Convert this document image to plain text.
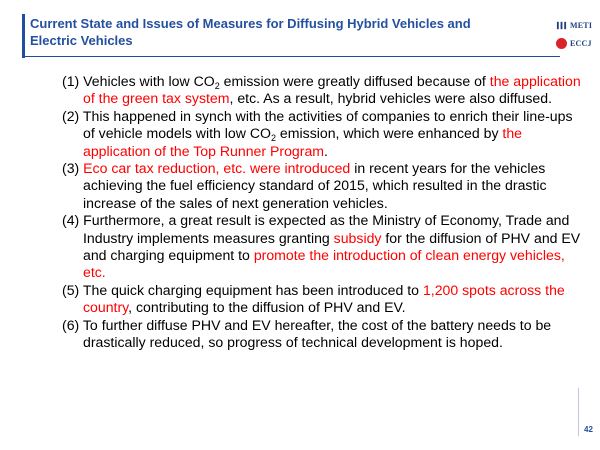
Current State and Issues of Measures for Diffusing Hybrid Vehicles and Electric Vehicles
METI
ECCJ

(1) Vehicles with low $CO_2$ emission were greatly diffused because of the application of the green tax system, etc. As a result, hybrid vehicles were also diffused.

(2) This happened in synch with the activities of companies to enrich their line-ups of vehicle models with low $CO_2$ emission, which were enhanced by the application of the Top Runner Program.

(3) Eco car tax reduction, etc. were introduced in recent years for the vehicles achieving the fuel efficiency standard of 2015, which resulted in the drastic increase of the sales of next generation vehicles.

(4) Furthermore, a great result is expected as the Ministry of Economy, Trade and Industry implements measures granting subsidy for the diffusion of PHV and EV and charging equipment to promote the introduction of clean energy vehicles, etc.

(5) The quick charging equipment has been introduced to 1,200 spots across the country, contributing to the diffusion of PHV and EV.

(6) To further diffuse PHV and EV hereafter, the cost of the battery needs to be drastically reduced, so progress of technical development is hoped.

42
